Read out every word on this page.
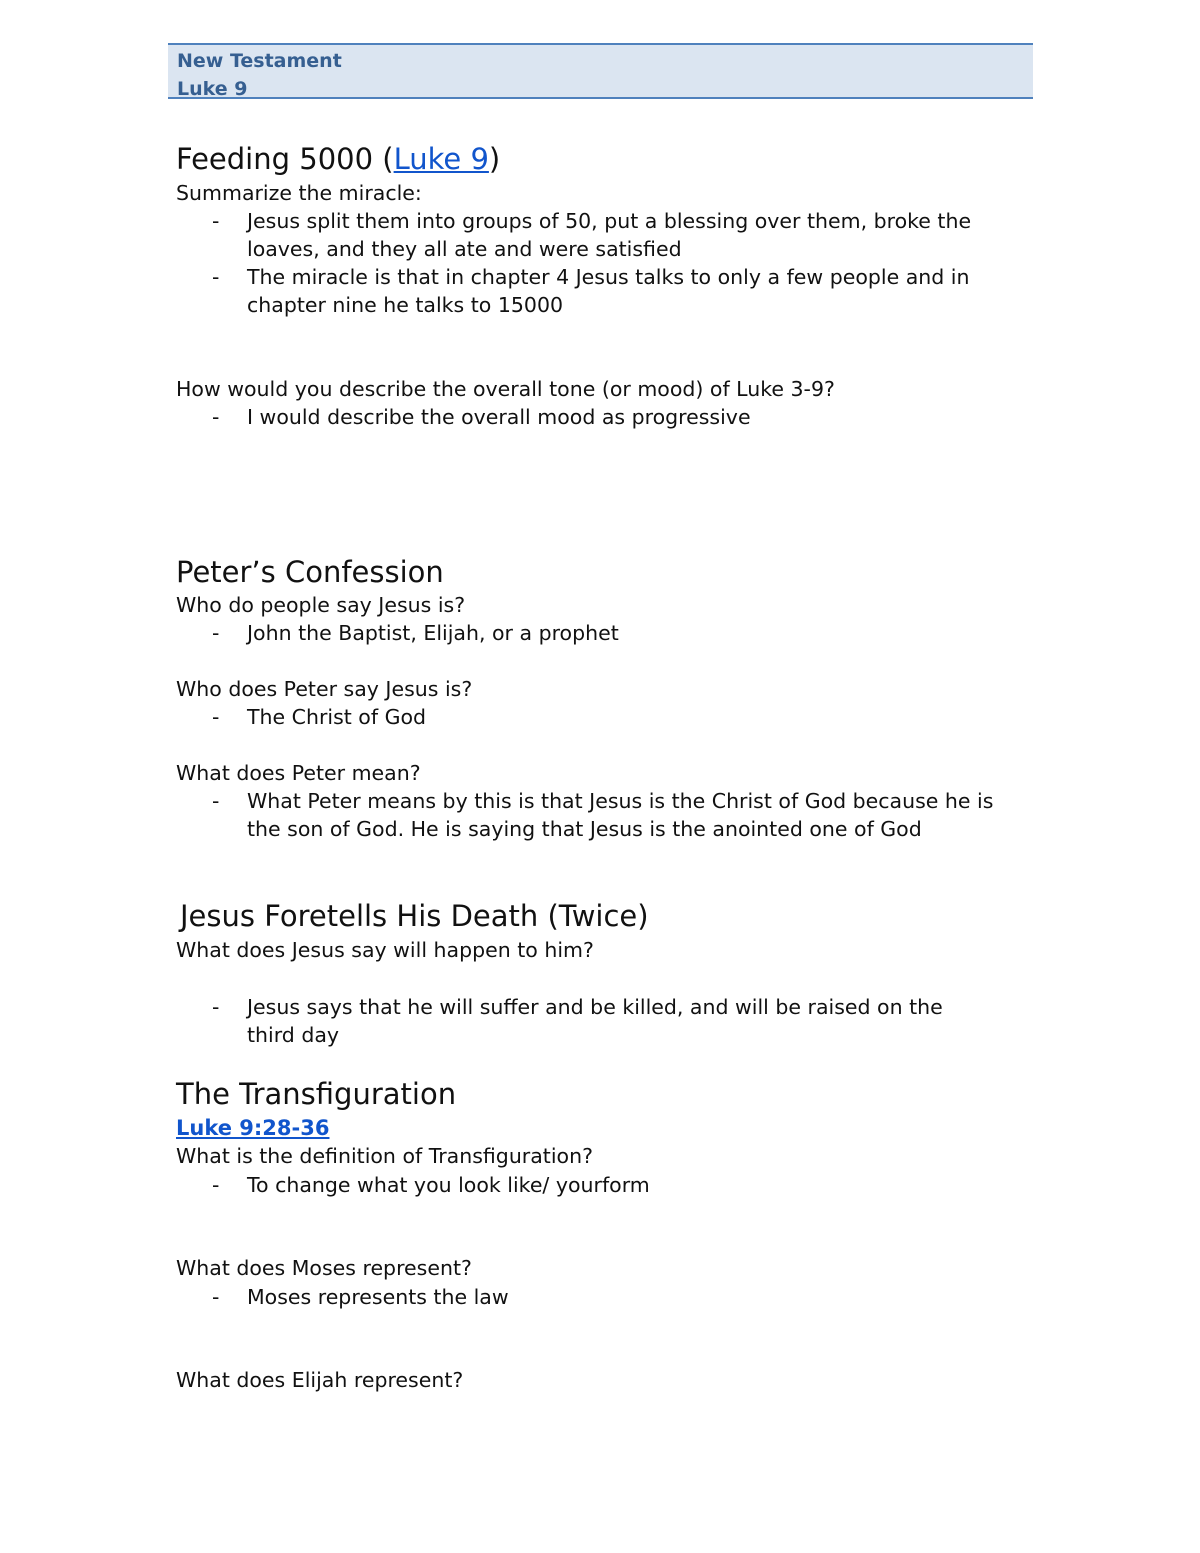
New Testament
Luke 9
Feeding 5000 (Luke 9)
Summarize the miracle:
- Jesus split them into groups of 50, put a blessing over them, broke the
loaves, and they all ate and were satisfied
- The miracle is that in chapter 4 Jesus talks to only a few people and in
chapter nine he talks to 15000
How would you describe the overall tone (or mood) of Luke 3-9?
- I would describe the overall mood as progressive
Peter’s Confession
Who do people say Jesus is?
- John the Baptist, Elijah, or a prophet
Who does Peter say Jesus is?
- The Christ of God
What does Peter mean?
- What Peter means by this is that Jesus is the Christ of God because he is
the son of God. He is saying that Jesus is the anointed one of God
Jesus Foretells His Death (Twice)
What does Jesus say will happen to him?
- Jesus says that he will suffer and be killed, and will be raised on the
third day
The Transfiguration
Luke 9:28-36
What is the definition of Transfiguration?
- To change what you look like/ yourform
What does Moses represent?
- Moses represents the law
What does Elijah represent?
